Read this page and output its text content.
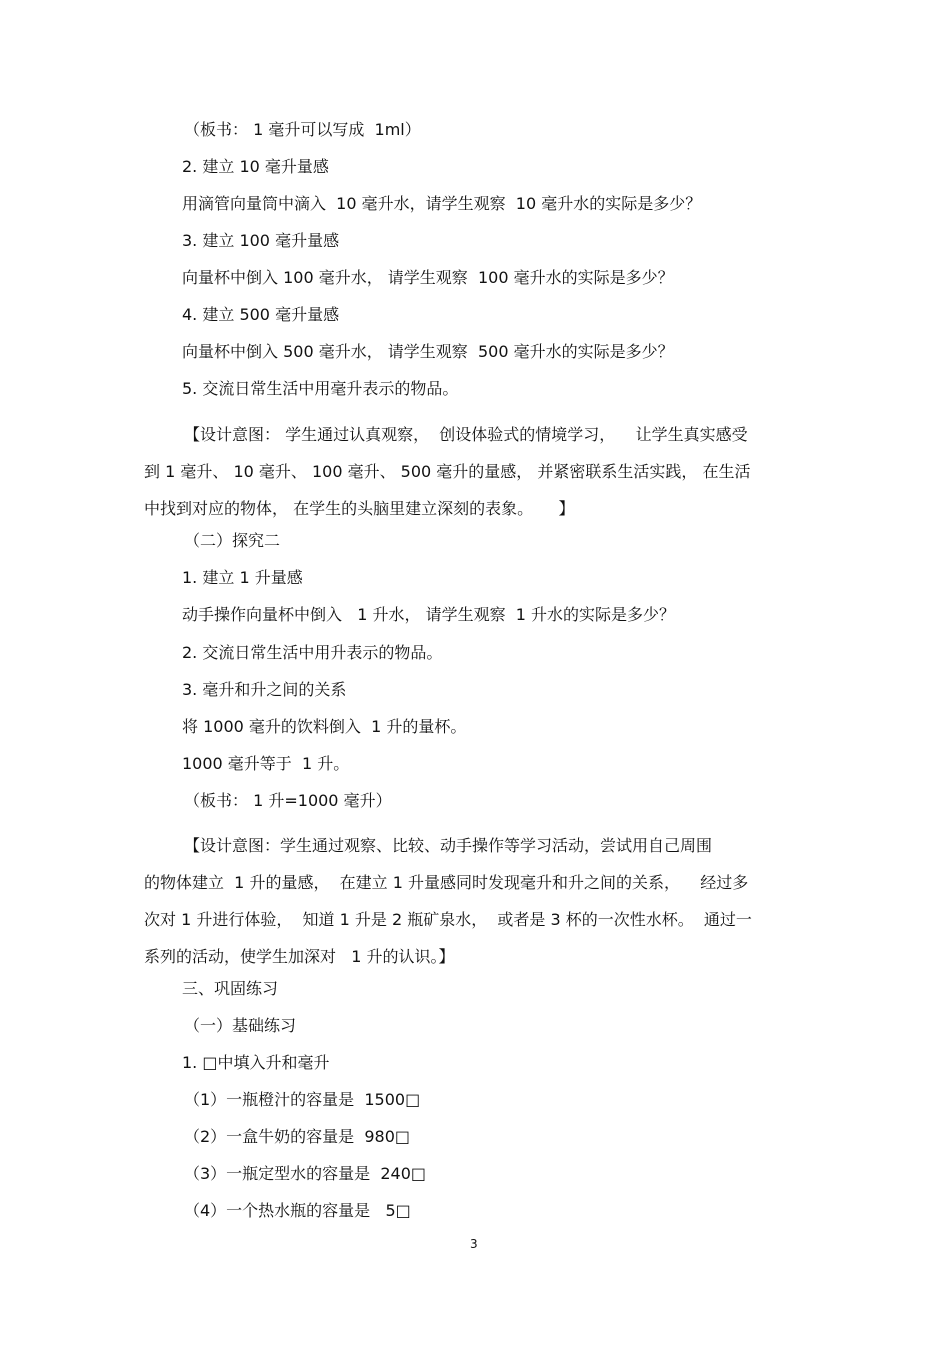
（板书： 1 毫升可以写成  1ml）

2. 建立 10 毫升量感

用滴管向量筒中滴入  10 毫升水，请学生观察  10 毫升水的实际是多少？

3. 建立 100 毫升量感

向量杯中倒入 100 毫升水， 请学生观察  100 毫升水的实际是多少？

4. 建立 500 毫升量感

向量杯中倒入 500 毫升水， 请学生观察  500 毫升水的实际是多少？

5. 交流日常生活中用毫升表示的物品。

【设计意图： 学生通过认真观察，  创设体验式的情境学习，    让学生真实感受

到 1 毫升、 10 毫升、 100 毫升、 500 毫升的量感， 并紧密联系生活实践， 在生活

中找到对应的物体， 在学生的头脑里建立深刻的表象。     】

（二）探究二

1. 建立 1 升量感

动手操作向量杯中倒入   1 升水， 请学生观察  1 升水的实际是多少？

2. 交流日常生活中用升表示的物品。

3. 毫升和升之间的关系

将 1000 毫升的饮料倒入  1 升的量杯。

1000 毫升等于  1 升。

（板书： 1 升=1000 毫升）

【设计意图：学生通过观察、比较、动手操作等学习活动，尝试用自己周围

的物体建立  1 升的量感，  在建立 1 升量感同时发现毫升和升之间的关系，    经过多

次对 1 升进行体验，  知道 1 升是 2 瓶矿泉水，  或者是 3 杯的一次性水杯。  通过一

系列的活动，使学生加深对   1 升的认识。】

三、巩固练习

（一）基础练习

1. □中填入升和毫升

（1）一瓶橙汁的容量是  1500□

（2）一盒牛奶的容量是  980□

（3）一瓶定型水的容量是  240□

（4）一个热水瓶的容量是   5□

3
